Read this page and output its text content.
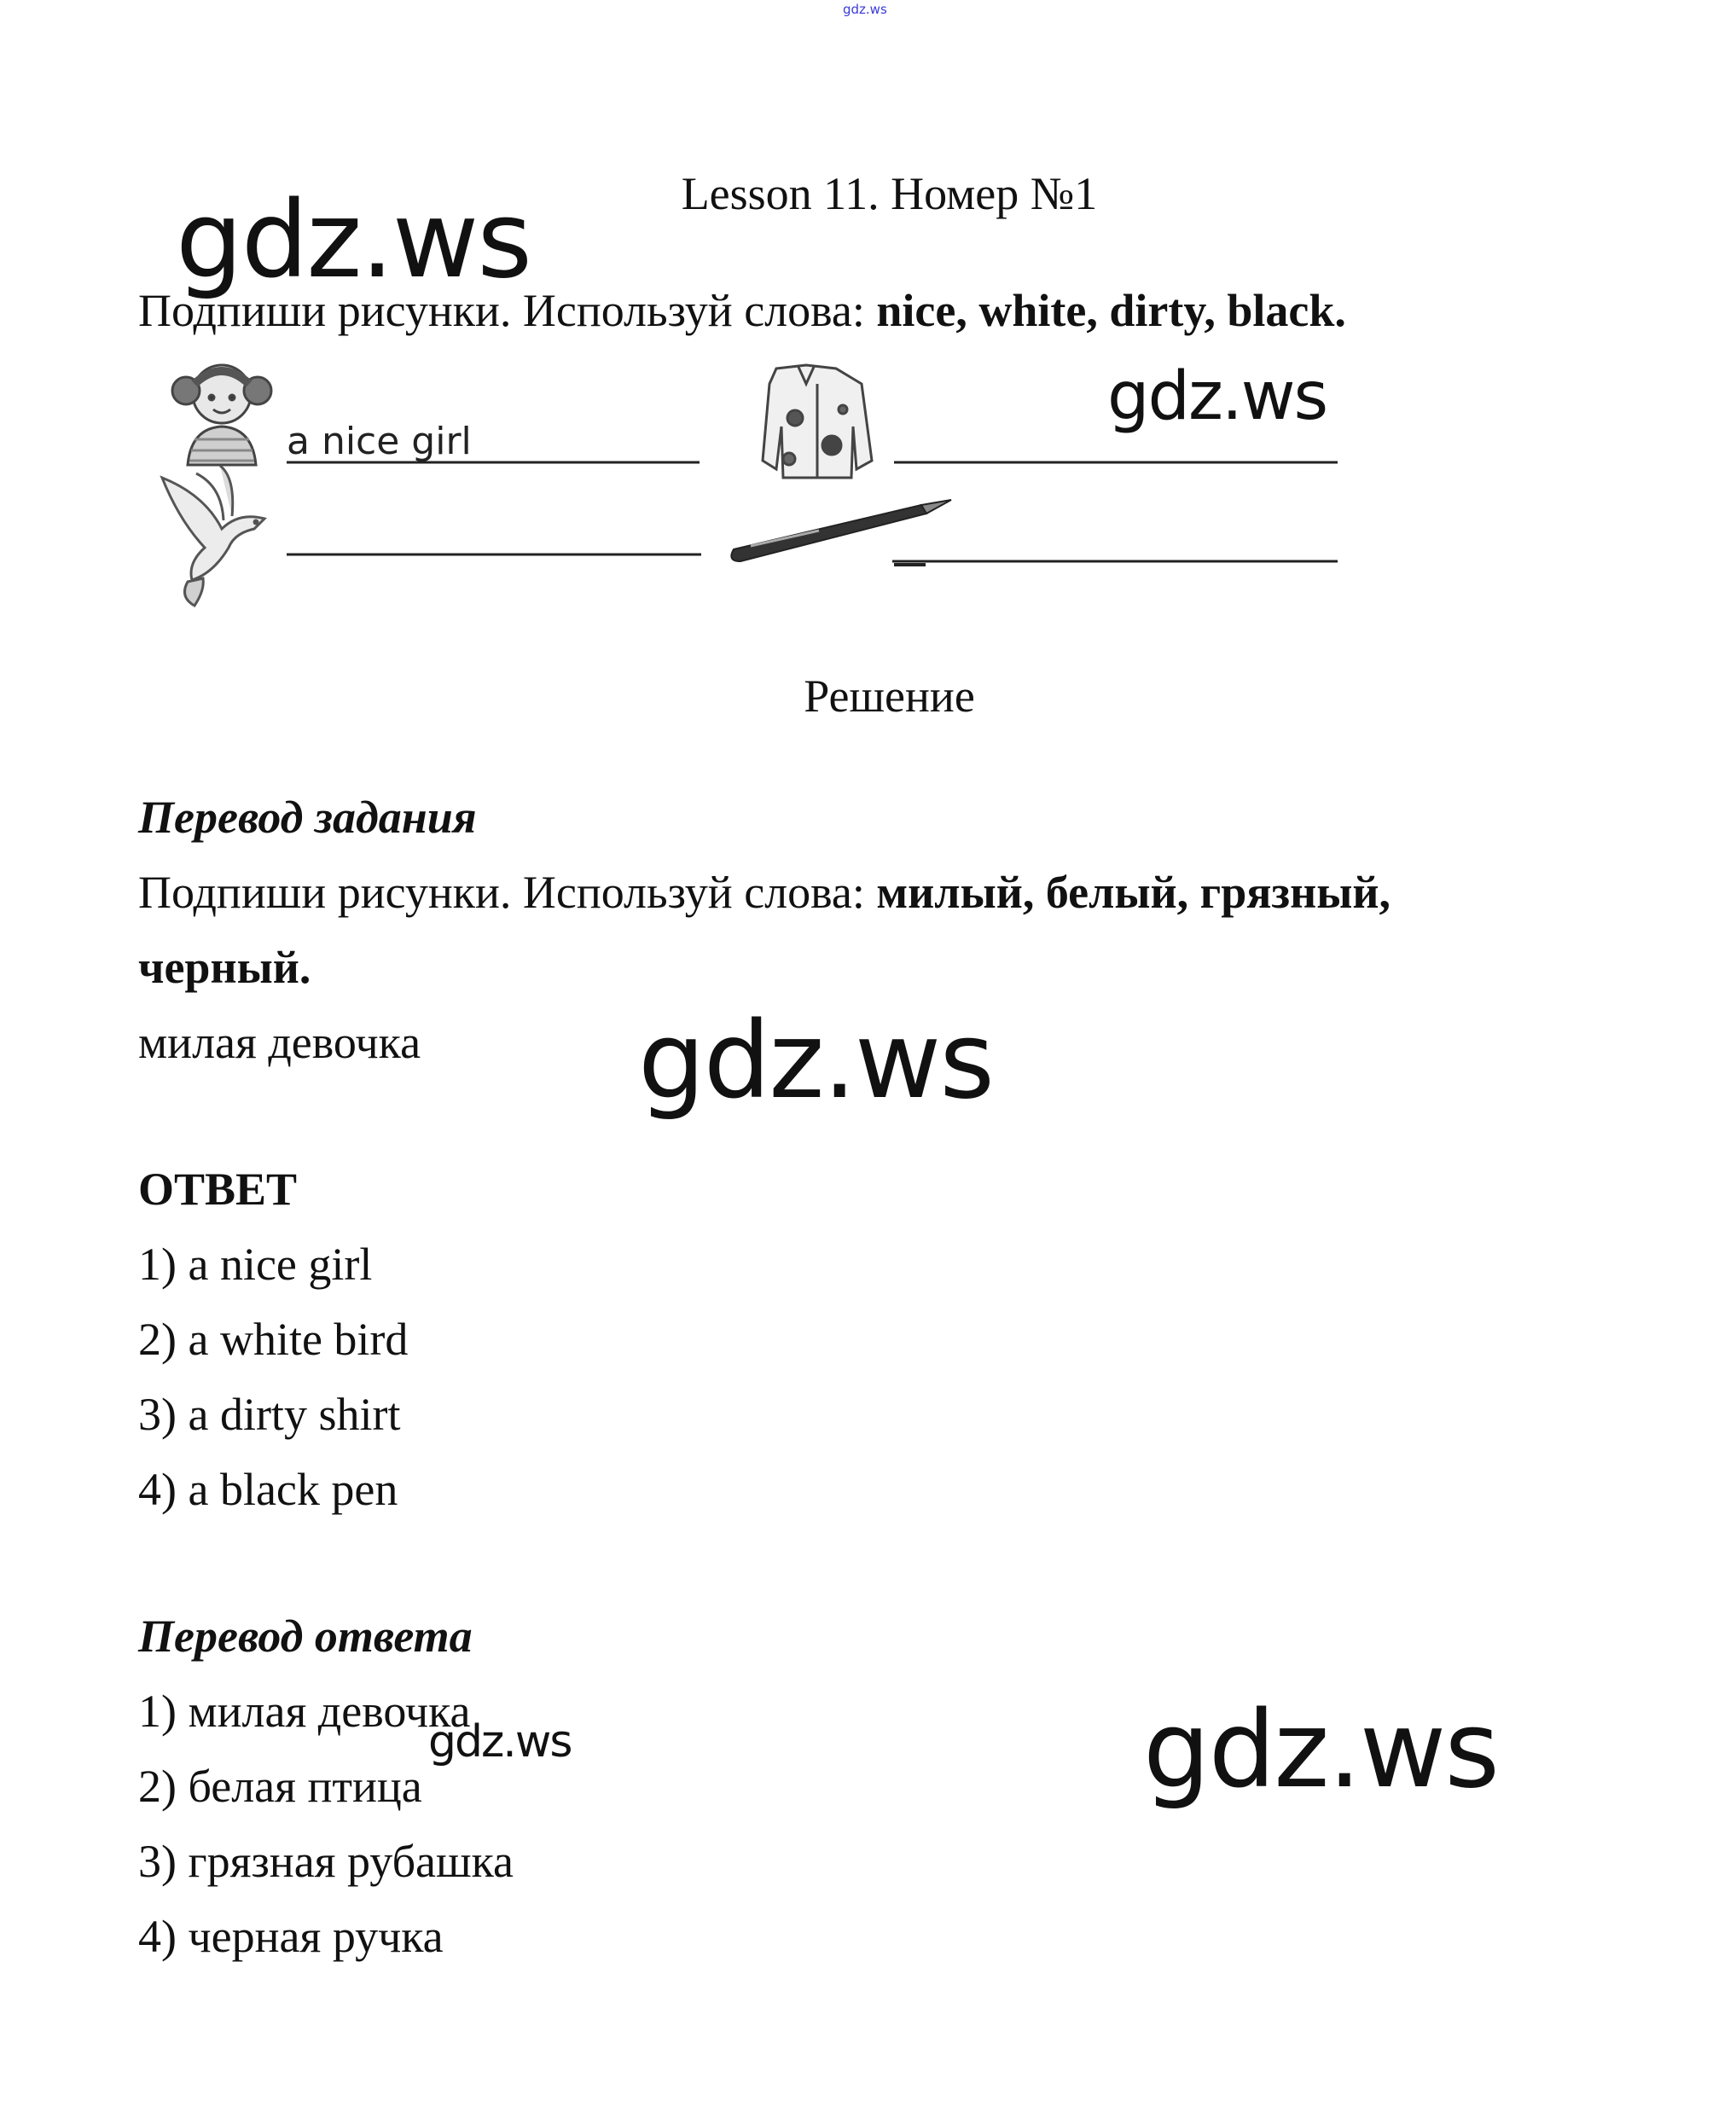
gdz.ws
Lesson 11. Номер №1
Подпиши рисунки. Используй слова: nice, white, dirty, black.
a nice girl
Решение
Перевод задания
Подпиши рисунки. Используй слова: милый, белый, грязный,
черный.
милая девочка
ОТВЕТ
1) a nice girl
2) a white bird
3) a dirty shirt
4) a black pen
Перевод ответа
1) милая девочка
2) белая птица
3) грязная рубашка
4) черная ручка
gdz.ws
gdz.ws
gdz.ws
gdz.ws	gdz.ws
